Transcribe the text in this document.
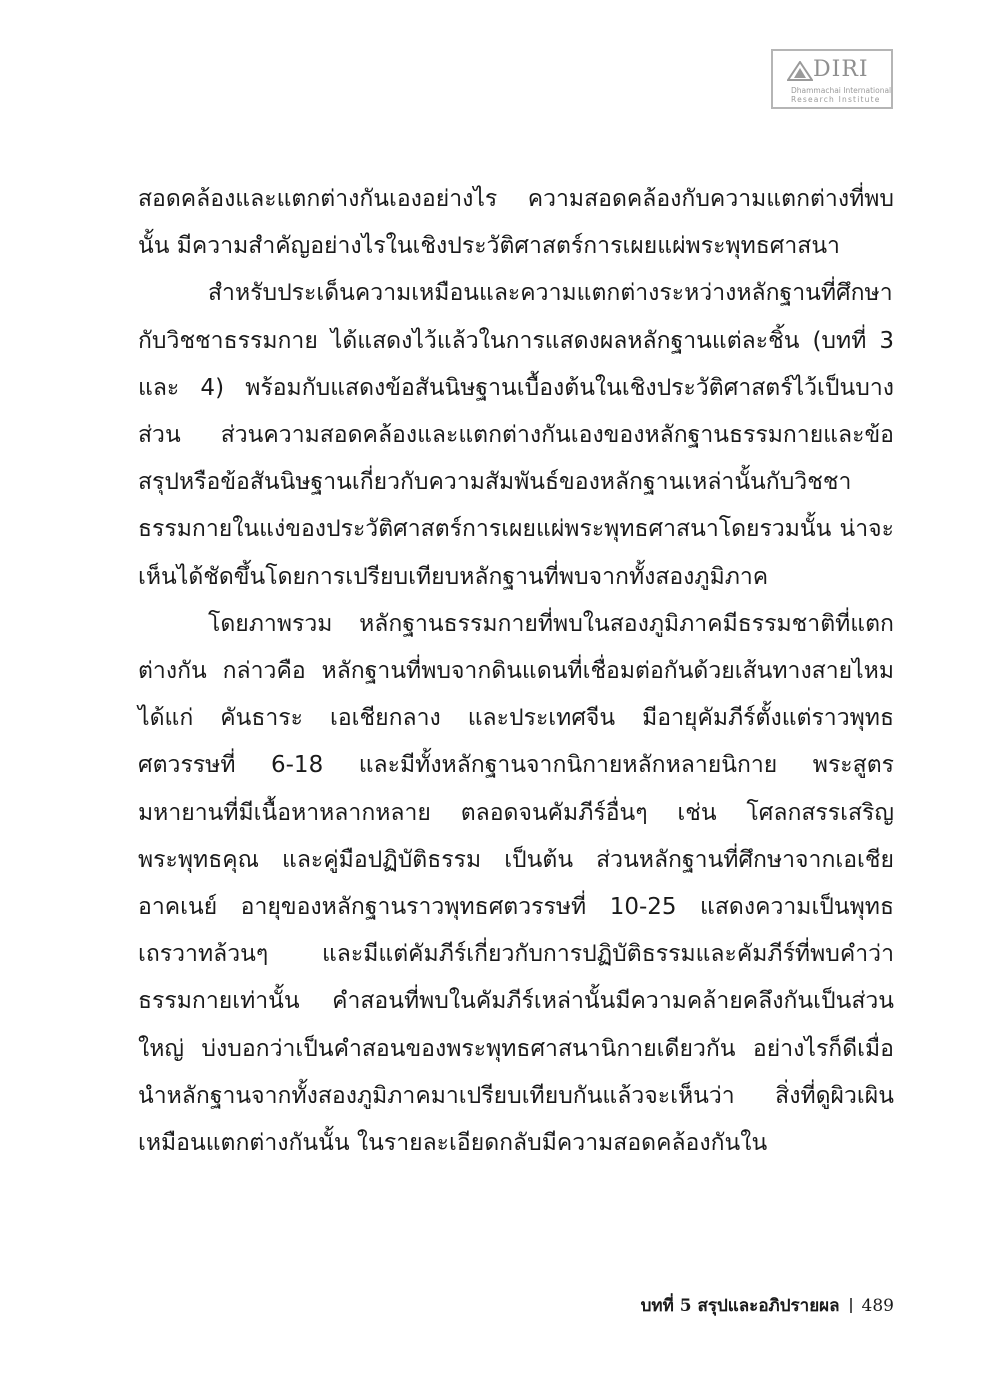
DIRI
Dhammachai International
Research Institute

สอดคล้องและแตกต่างกันเองอย่างไร ความสอดคล้องกับความแตกต่างที่พบนั้น มีความสำคัญอย่างไรในเชิงประวัติศาสตร์การเผยแผ่พระพุทธศาสนา

สำหรับประเด็นความเหมือนและความแตกต่างระหว่างหลักฐานที่ศึกษากับวิชชาธรรมกาย ได้แสดงไว้แล้วในการแสดงผลหลักฐานแต่ละชิ้น (บทที่ 3 และ 4) พร้อมกับแสดงข้อสันนิษฐานเบื้องต้นในเชิงประวัติศาสตร์ไว้เป็นบางส่วน ส่วนความสอดคล้องและแตกต่างกันเองของหลักฐานธรรมกายและข้อสรุปหรือข้อสันนิษฐานเกี่ยวกับความสัมพันธ์ของหลักฐานเหล่านั้นกับวิชชาธรรมกายในแง่ของประวัติศาสตร์การเผยแผ่พระพุทธศาสนาโดยรวมนั้น น่าจะเห็นได้ชัดขึ้นโดยการเปรียบเทียบหลักฐานที่พบจากทั้งสองภูมิภาค

โดยภาพรวม หลักฐานธรรมกายที่พบในสองภูมิภาคมีธรรมชาติที่แตกต่างกัน กล่าวคือ หลักฐานที่พบจากดินแดนที่เชื่อมต่อกันด้วยเส้นทางสายไหม ได้แก่ คันธาระ เอเชียกลาง และประเทศจีน มีอายุคัมภีร์ตั้งแต่ราวพุทธศตวรรษที่ 6-18 และมีทั้งหลักฐานจากนิกายหลักหลายนิกาย พระสูตรมหายานที่มีเนื้อหาหลากหลาย ตลอดจนคัมภีร์อื่นๆ เช่น โศลกสรรเสริญพระพุทธคุณ และคู่มือปฏิบัติธรรม เป็นต้น ส่วนหลักฐานที่ศึกษาจากเอเชียอาคเนย์ อายุของหลักฐานราวพุทธศตวรรษที่ 10-25 แสดงความเป็นพุทธเถรวาทล้วนๆ และมีแต่คัมภีร์เกี่ยวกับการปฏิบัติธรรมและคัมภีร์ที่พบคำว่าธรรมกายเท่านั้น คำสอนที่พบในคัมภีร์เหล่านั้นมีความคล้ายคลึงกันเป็นส่วนใหญ่ บ่งบอกว่าเป็นคำสอนของพระพุทธศาสนานิกายเดียวกัน อย่างไรก็ดีเมื่อนำหลักฐานจากทั้งสองภูมิภาคมาเปรียบเทียบกันแล้วจะเห็นว่า สิ่งที่ดูผิวเผินเหมือนแตกต่างกันนั้น ในรายละเอียดกลับมีความสอดคล้องกันใน

บทที่ 5 สรุปและอภิปรายผล 489
